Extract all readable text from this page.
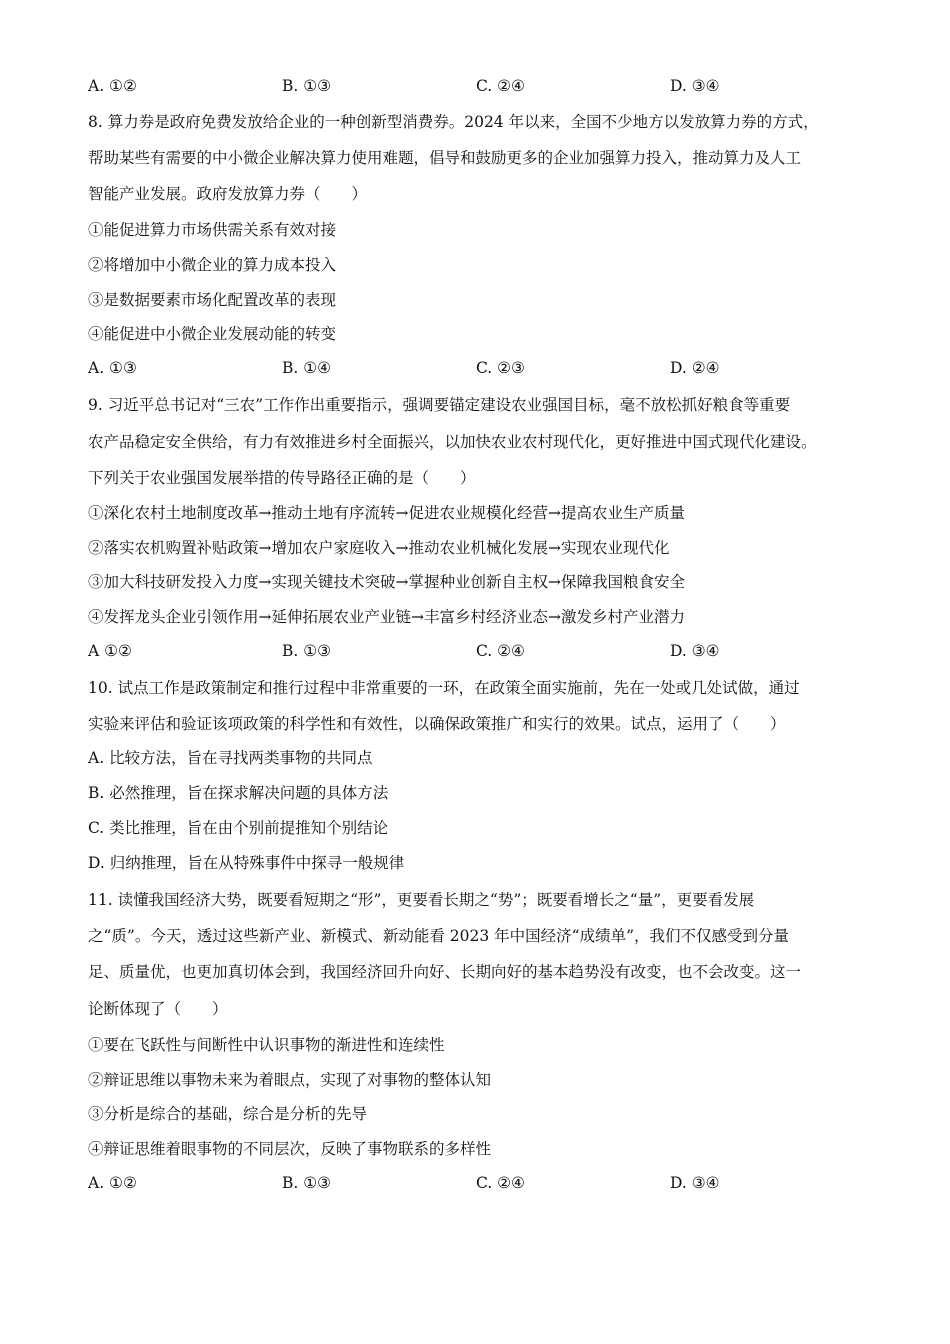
A. ①②	B. ①③	C. ②④	D. ③④
8. 算力券是政府免费发放给企业的一种创新型消费券。2024 年以来，全国不少地方以发放算力券的方式，
帮助某些有需要的中小微企业解决算力使用难题，倡导和鼓励更多的企业加强算力投入，推动算力及人工
智能产业发展。政府发放算力券（　　）
①能促进算力市场供需关系有效对接
②将增加中小微企业的算力成本投入
③是数据要素市场化配置改革的表现
④能促进中小微企业发展动能的转变
A. ①③	B. ①④	C. ②③	D. ②④
9. 习近平总书记对“三农”工作作出重要指示，强调要锚定建设农业强国目标，毫不放松抓好粮食等重要
农产品稳定安全供给，有力有效推进乡村全面振兴，以加快农业农村现代化，更好推进中国式现代化建设。
下列关于农业强国发展举措的传导路径正确的是（　　）
①深化农村土地制度改革→推动土地有序流转→促进农业规模化经营→提高农业生产质量
②落实农机购置补贴政策→增加农户家庭收入→推动农业机械化发展→实现农业现代化
③加大科技研发投入力度→实现关键技术突破→掌握种业创新自主权→保障我国粮食安全
④发挥龙头企业引领作用→延伸拓展农业产业链→丰富乡村经济业态→激发乡村产业潜力
A ①②	B. ①③	C. ②④	D. ③④
10. 试点工作是政策制定和推行过程中非常重要的一环，在政策全面实施前，先在一处或几处试做，通过
实验来评估和验证该项政策的科学性和有效性，以确保政策推广和实行的效果。试点，运用了（　　）
A. 比较方法，旨在寻找两类事物的共同点
B. 必然推理，旨在探求解决问题的具体方法
C. 类比推理，旨在由个别前提推知个别结论
D. 归纳推理，旨在从特殊事件中探寻一般规律
11. 读懂我国经济大势，既要看短期之“形”，更要看长期之“势”；既要看增长之“量”，更要看发展
之“质”。今天，透过这些新产业、新模式、新动能看 2023 年中国经济“成绩单”，我们不仅感受到分量
足、质量优，也更加真切体会到，我国经济回升向好、长期向好的基本趋势没有改变，也不会改变。这一
论断体现了（　　）
①要在飞跃性与间断性中认识事物的渐进性和连续性
②辩证思维以事物未来为着眼点，实现了对事物的整体认知
③分析是综合的基础，综合是分析的先导
④辩证思维着眼事物的不同层次，反映了事物联系的多样性
A. ①②	B. ①③	C. ②④	D. ③④
